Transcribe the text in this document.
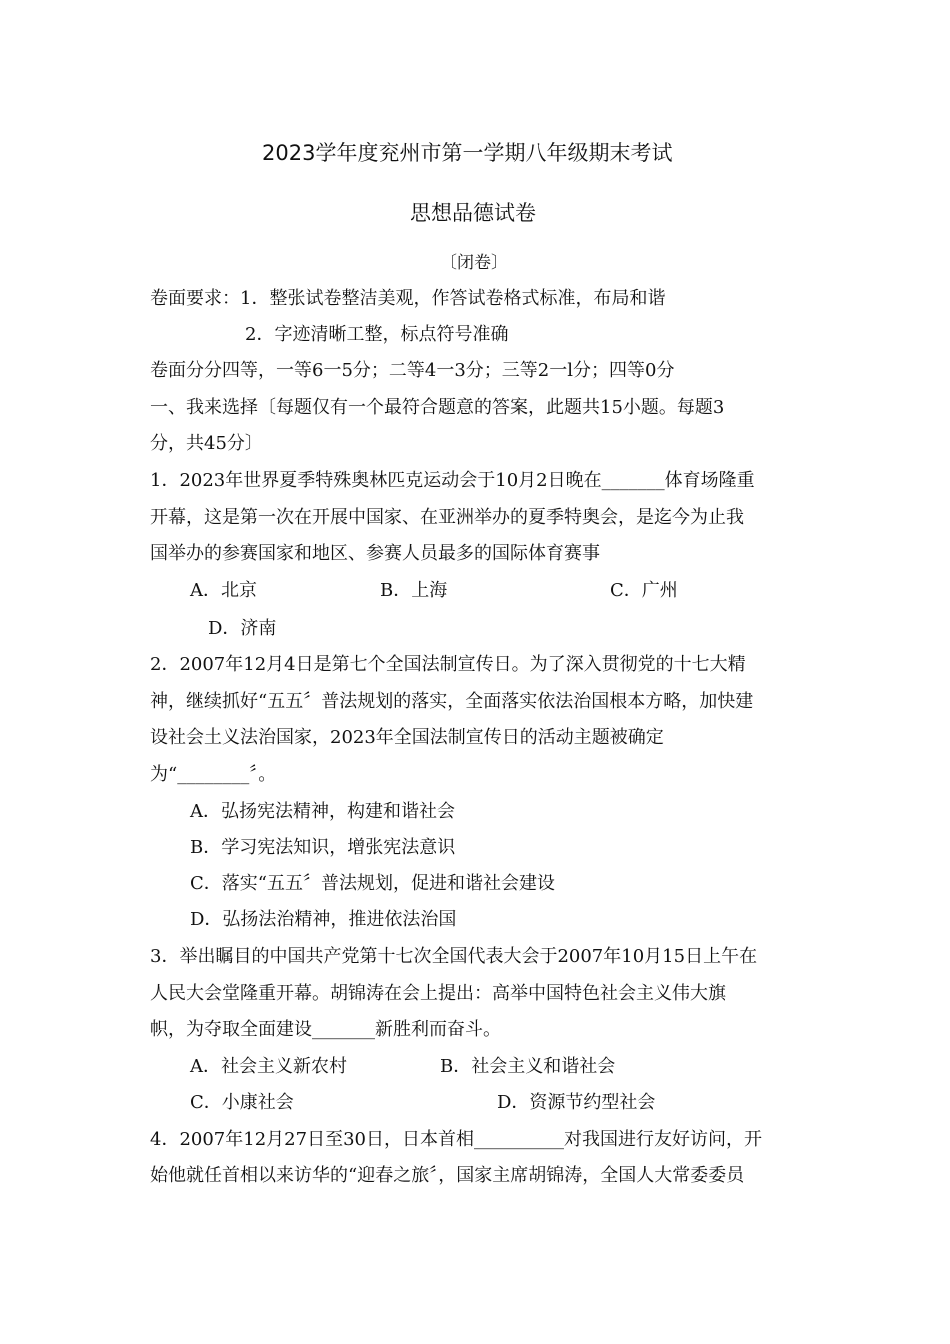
2023学年度兖州市第一学期八年级期末考试
思想品德试卷
〔闭卷〕
卷面要求：1．整张试卷整洁美观，作答试卷格式标准，布局和谐
2．字迹清晰工整，标点符号准确
卷面分分四等，一等6一5分；二等4一3分；三等2一l分；四等0分
一、我来选择〔每题仅有一个最符合题意的答案，此题共15小题。每题3
分，共45分〕
1．2023年世界夏季特殊奥林匹克运动会于10月2日晚在_______体育场隆重
开幕，这是第一次在开展中国家、在亚洲举办的夏季特奥会，是迄今为止我
国举办的参赛国家和地区、参赛人员最多的国际体育赛事
A．北京	B．上海	C．广州
D．济南
2．2007年12月4日是第七个全国法制宣传日。为了深入贯彻党的十七大精
神，继续抓好“五五〞普法规划的落实，全面落实依法治国根本方略，加快建
设社会土义法治国家，2023年全国法制宣传日的活动主题被确定
为“________〞。
A．弘扬宪法精神，构建和谐社会
B．学习宪法知识，增张宪法意识
C．落实“五五〞普法规划，促进和谐社会建设
D．弘扬法治精神，推进依法治国
3．举出瞩目的中国共产党第十七次全国代表大会于2007年10月15日上午在
人民大会堂隆重开幕。胡锦涛在会上提出：高举中国特色社会主义伟大旗
帜，为夺取全面建设_______新胜利而奋斗。
A．社会主义新农村	B．社会主义和谐社会
C．小康社会	D．资源节约型社会
4．2007年12月27日至30日，日本首相__________对我国进行友好访问，开
始他就任首相以来访华的“迎春之旅〞，国家主席胡锦涛，全国人大常委委员
